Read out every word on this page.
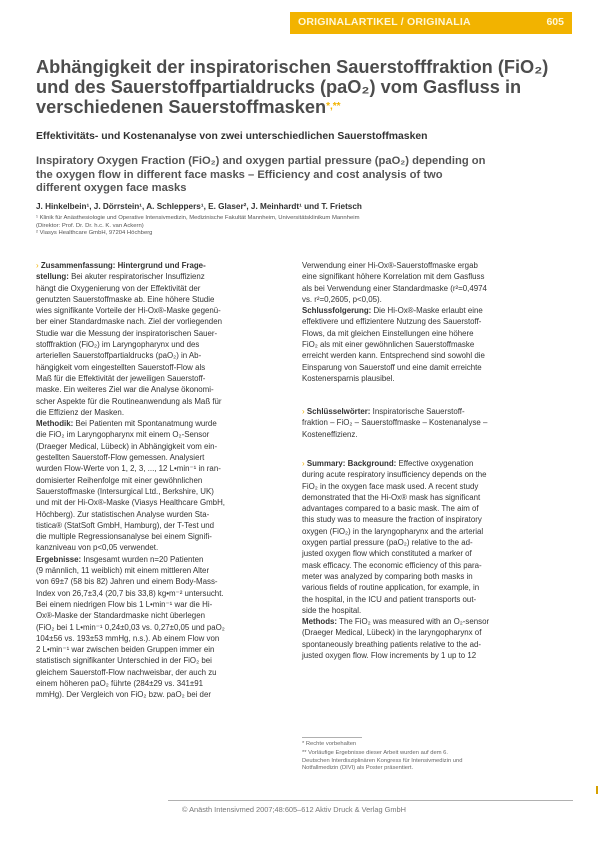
ORIGINALARTIKEL / ORIGINALIA	605
Abhängigkeit der inspiratorischen Sauerstofffraktion (FiO₂)
und des Sauerstoffpartialdrucks (paO₂) vom Gasfluss in
verschiedenen Sauerstoffmasken*,**
Effektivitäts- und Kostenanalyse von zwei unterschiedlichen Sauerstoffmasken
Inspiratory Oxygen Fraction (FiO₂) and oxygen partial pressure (paO₂) depending on
the oxygen flow in different face masks – Efficiency and cost analysis of two
different oxygen face masks
J. Hinkelbein¹, J. Dörrstein¹, A. Schleppers¹, E. Glaser², J. Meinhardt¹ und T. Frietsch
¹ Klinik für Anästhesiologie und Operative Intensivmedizin, Medizinische Fakultät Mannheim, Universitätsklinikum Mannheim
(Direktor: Prof. Dr. Dr. h.c. K. van Ackern)
² Viasys Healthcare GmbH, 97204 Höchberg

› Zusammenfassung: Hintergrund und Frage-

stellung: Bei akuter respiratorischer Insuffizienz

hängt die Oxygenierung von der Effektivität der

genutzten Sauerstoffmaske ab. Eine höhere Studie

wies signifikante Vorteile der Hi-Ox®-Maske gegenü-

ber einer Standardmaske nach. Ziel der vorliegenden

Studie war die Messung der inspiratorischen Sauer-

stofffraktion (FiO₂) im Laryngopharynx und des

arteriellen Sauerstoffpartialdrucks (paO₂) in Ab-

hängigkeit vom eingestellten Sauerstoff-Flow als

Maß für die Effektivität der jeweiligen Sauerstoff-

maske. Ein weiteres Ziel war die Analyse ökonomi-

scher Aspekte für die Routineanwendung als Maß für

die Effizienz der Masken.

Methodik: Bei Patienten mit Spontanatmung wurde

die FiO₂ im Laryngopharynx mit einem O₂-Sensor

(Draeger Medical, Lübeck) in Abhängigkeit vom ein-

gestellten Sauerstoff-Flow gemessen. Analysiert

wurden Flow-Werte von 1, 2, 3, ..., 12 L•min⁻¹ in ran-

domisierter Reihenfolge mit einer gewöhnlichen

Sauerstoffmaske (Intersurgical Ltd., Berkshire, UK)

und mit der Hi-Ox®-Maske (Viasys Healthcare GmbH,

Höchberg). Zur statistischen Analyse wurden Sta-

tistica® (StatSoft GmbH, Hamburg), der T-Test und

die multiple Regressionsanalyse bei einem Signifi-

kanzniveau von p<0,05 verwendet.

Ergebnisse: Insgesamt wurden n=20 Patienten

(9 männlich, 11 weiblich) mit einem mittleren Alter

von 69±7 (58 bis 82) Jahren und einem Body-Mass-

Index von 26,7±3,4 (20,7 bis 33,8) kg•m⁻² untersucht.

Bei einem niedrigen Flow bis 1 L•min⁻¹ war die Hi-

Ox®-Maske der Standardmaske nicht überlegen

(FiO₂ bei 1 L•min⁻¹ 0,24±0,03 vs. 0,27±0,05 und paO₂

104±56 vs. 193±53 mmHg, n.s.). Ab einem Flow von

2 L•min⁻¹ war zwischen beiden Gruppen immer ein

statistisch signifikanter Unterschied in der FiO₂ bei

gleichem Sauerstoff-Flow nachweisbar, der auch zu

einem höheren paO₂ führte (284±29 vs. 341±91

mmHg). Der Vergleich von FiO₂ bzw. paO₂ bei der

Verwendung einer Hi-Ox®-Sauerstoffmaske ergab

eine signifikant höhere Korrelation mit dem Gasfluss

als bei Verwendung einer Standardmaske (r²=0,4974

vs. r²=0,2605, p<0,05).

Schlussfolgerung: Die Hi-Ox®-Maske erlaubt eine

effektivere und effizientere Nutzung des Sauerstoff-

Flows, da mit gleichen Einstellungen eine höhere

FiO₂ als mit einer gewöhnlichen Sauerstoffmaske

erreicht werden kann. Entsprechend sind sowohl die

Einsparung von Sauerstoff und eine damit erreichte

Kostenersparnis plausibel.

› Schlüsselwörter: Inspiratorische Sauerstoff-

fraktion – FiO₂ – Sauerstoffmaske – Kostenanalyse –

Kosteneffizienz.

› Summary: Background: Effective oxygenation

during acute respiratory insufficiency depends on the

FiO₂ in the oxygen face mask used. A recent study

demonstrated that the Hi-Ox® mask has significant

advantages compared to a basic mask. The aim of

this study was to measure the fraction of inspiratory

oxygen (FiO₂) in the laryngopharynx and the arterial

oxygen partial pressure (paO₂) relative to the ad-

justed oxygen flow which constituted a marker of

mask efficacy. The economic efficiency of this para-

meter was analyzed by comparing both masks in

various fields of routine application, for example, in

the hospital, in the ICU and patient transports out-

side the hospital.

Methods: The FiO₂ was measured with an O₂-sensor

(Draeger Medical, Lübeck) in the laryngopharynx of

spontaneously breathing patients relative to the ad-

justed oxygen flow. Flow increments by 1 up to 12

* Rechte vorbehalten
** Vorläufige Ergebnisse dieser Arbeit wurden auf dem 6.
Deutschen Interdisziplinären Kongress für Intensivmedizin und
Notfallmedizin (DIVI) als Poster präsentiert.
© Anästh Intensivmed 2007;48:605–612 Aktiv Druck & Verlag GmbH
